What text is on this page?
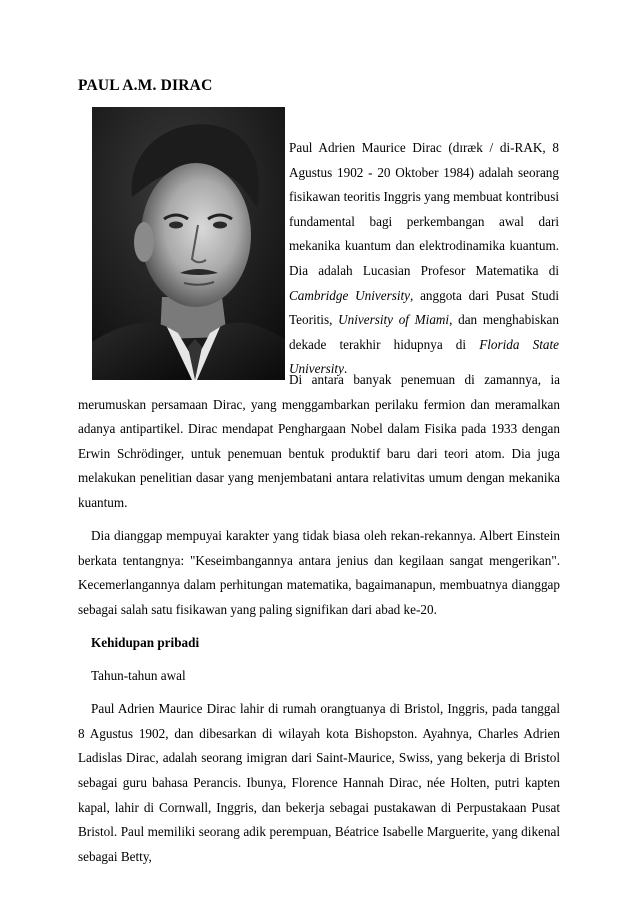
PAUL A.M. DIRAC

Paul Adrien Maurice Dirac (dɪræk / di-RAK, 8 Agustus 1902 - 20 Oktober 1984) adalah seorang fisikawan teoritis Inggris yang membuat kontribusi fundamental bagi perkembangan awal dari mekanika kuantum dan elektrodinamika kuantum. Dia adalah Lucasian Profesor Matematika di Cambridge University, anggota dari Pusat Studi Teoritis, University of Miami, dan menghabiskan dekade terakhir hidupnya di Florida State University.

Di antara banyak penemuan di zamannya, ia merumuskan persamaan Dirac, yang menggambarkan perilaku fermion dan meramalkan adanya antipartikel. Dirac mendapat Penghargaan Nobel dalam Fisika pada 1933 dengan Erwin Schrödinger, untuk penemuan bentuk produktif baru dari teori atom. Dia juga melakukan penelitian dasar yang menjembatani antara relativitas umum dengan mekanika kuantum.

Dia dianggap mempuyai karakter yang tidak biasa oleh rekan-rekannya. Albert Einstein berkata tentangnya: "Keseimbangannya antara jenius dan kegilaan sangat mengerikan". Kecemerlangannya dalam perhitungan matematika, bagaimanapun, membuatnya dianggap sebagai salah satu fisikawan yang paling signifikan dari abad ke-20.

Kehidupan pribadi

Tahun-tahun awal

Paul Adrien Maurice Dirac lahir di rumah orangtuanya di Bristol, Inggris, pada tanggal 8 Agustus 1902, dan dibesarkan di wilayah kota Bishopston. Ayahnya, Charles Adrien Ladislas Dirac, adalah seorang imigran dari Saint-Maurice, Swiss, yang bekerja di Bristol sebagai guru bahasa Perancis. Ibunya, Florence Hannah Dirac, née Holten, putri kapten kapal, lahir di Cornwall, Inggris, dan bekerja sebagai pustakawan di Perpustakaan Pusat Bristol. Paul memiliki seorang adik perempuan, Béatrice Isabelle Marguerite, yang dikenal sebagai Betty,
